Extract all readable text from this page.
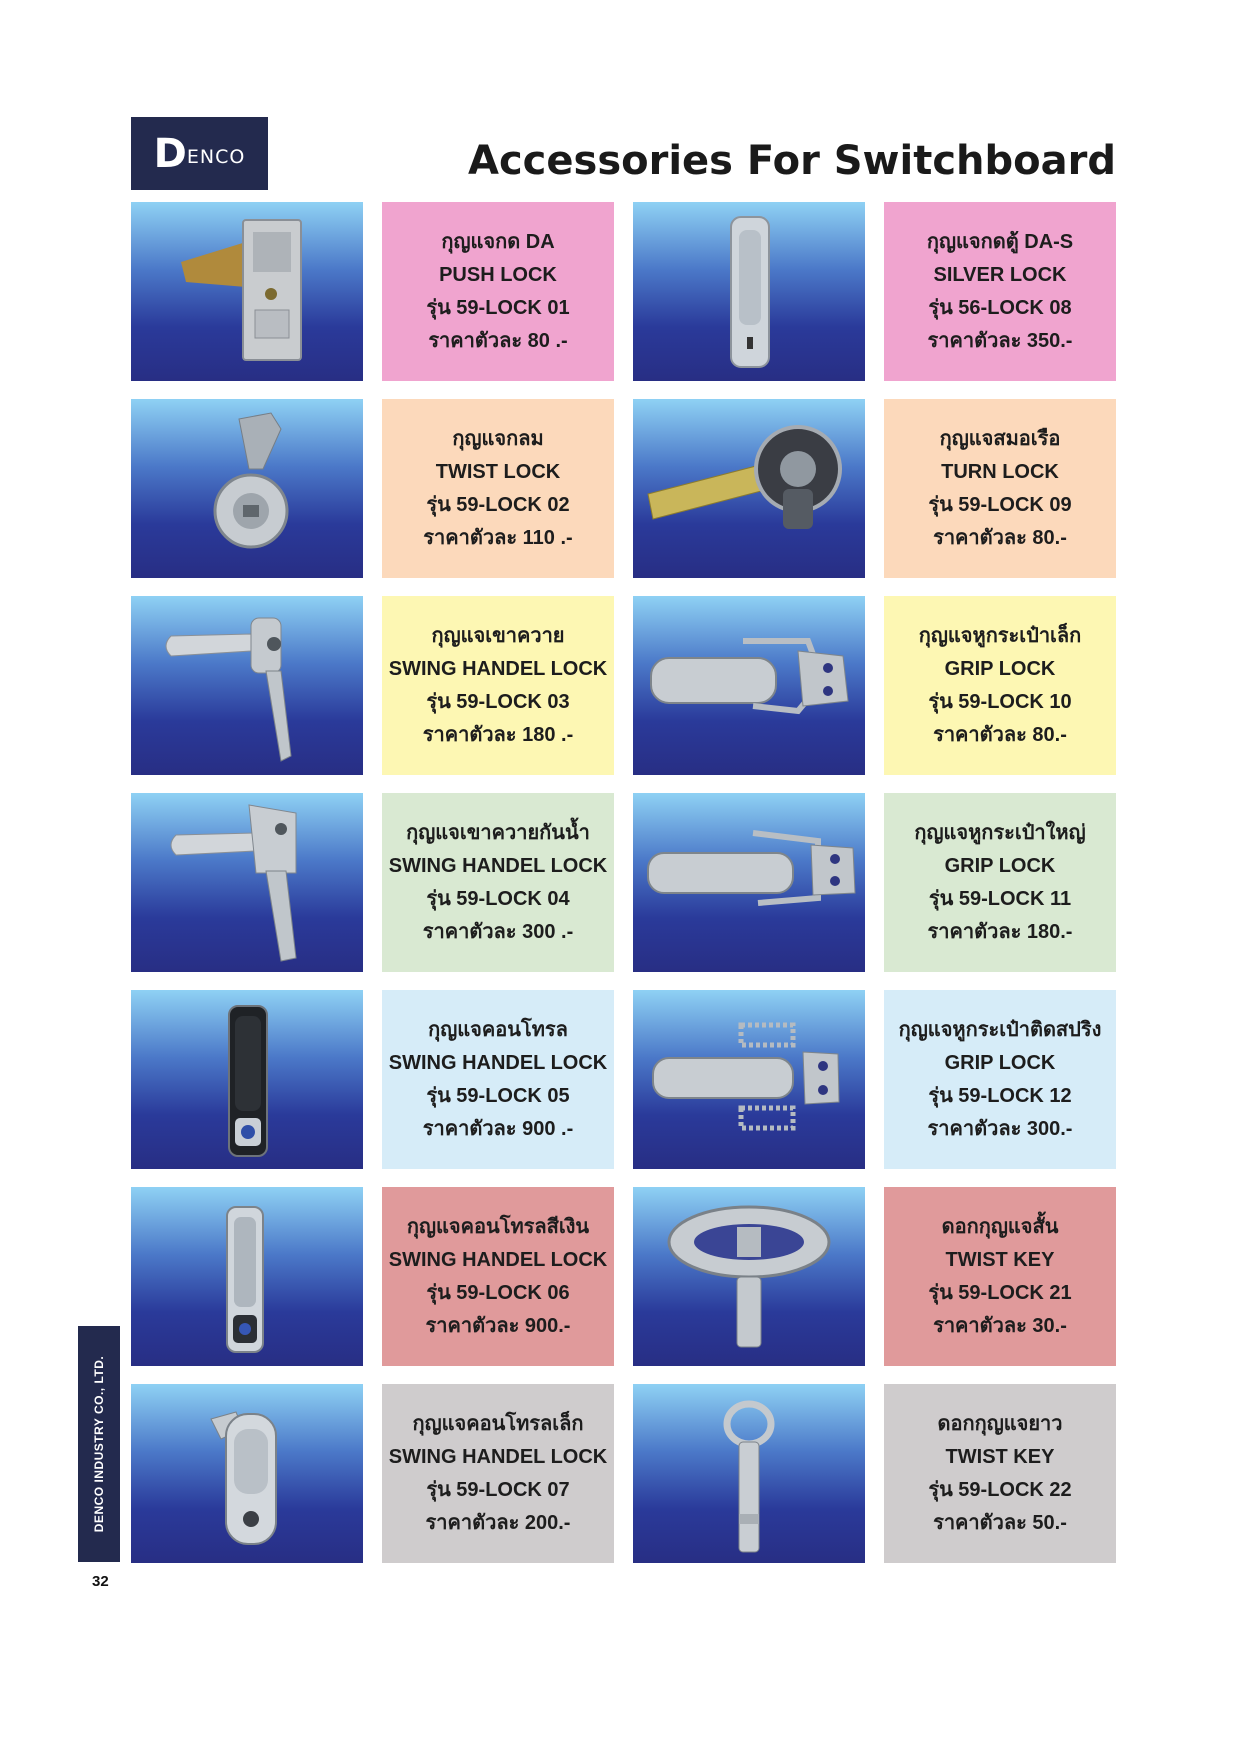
D ENCO	Accessories For Switchboard
กุญแจกด DA
PUSH LOCK
รุ่น 59-LOCK 01
ราคาตัวละ 80 .-
กุญแจกดตู้ DA-S
SILVER LOCK
รุ่น 56-LOCK 08
ราคาตัวละ 350.-
กุญแจกลม
TWIST LOCK
รุ่น 59-LOCK 02
ราคาตัวละ 110 .-
กุญแจสมอเรือ
TURN LOCK
รุ่น 59-LOCK 09
ราคาตัวละ 80.-
กุญแจเขาควาย
SWING HANDEL LOCK
รุ่น 59-LOCK 03
ราคาตัวละ 180 .-
กุญแจหูกระเป๋าเล็ก
GRIP LOCK
รุ่น 59-LOCK 10
ราคาตัวละ 80.-
กุญแจเขาควายกันน้ำ
SWING HANDEL LOCK
รุ่น 59-LOCK 04
ราคาตัวละ 300 .-
กุญแจหูกระเป๋าใหญ่
GRIP LOCK
รุ่น 59-LOCK 11
ราคาตัวละ 180.-
กุญแจคอนโทรล
SWING HANDEL LOCK
รุ่น 59-LOCK 05
ราคาตัวละ 900 .-
กุญแจหูกระเป๋าติดสปริง
GRIP LOCK
รุ่น 59-LOCK 12
ราคาตัวละ 300.-
กุญแจคอนโทรลสีเงิน
SWING HANDEL LOCK
รุ่น 59-LOCK 06
ราคาตัวละ 900.-
ดอกกุญแจสั้น
TWIST KEY
รุ่น 59-LOCK 21
ราคาตัวละ 30.-
กุญแจคอนโทรลเล็ก
SWING HANDEL LOCK
รุ่น 59-LOCK 07
ราคาตัวละ 200.-
ดอกกุญแจยาว
TWIST KEY
รุ่น 59-LOCK 22
ราคาตัวละ 50.-
DENCO INDUSTRY CO., LTD.
32
